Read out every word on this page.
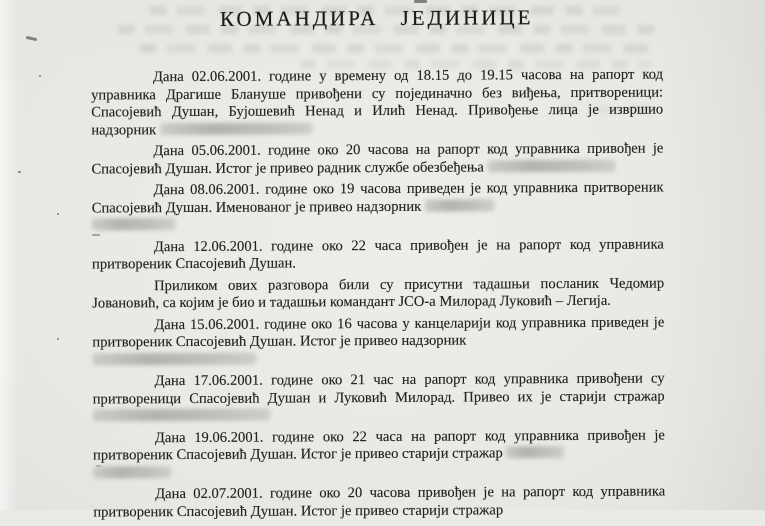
КОМАНДИРА ЈЕДИНИЦЕ

Дана 02.06.2001. године у времену од 18.15 до 19.15 часова на рапорт код управника Драгише Блануше привођени су појединачно без виђења, притвореници: Спасојевић Душан, Бујошевић Ненад и Илић Ненад. Привођење лица је извршио надзорник

Дана 05.06.2001. године око 20 часова на рапорт код управника привођен је Спасојевић Душан. Истог је привео радник службе обезбеђења

Дана 08.06.2001. године око 19 часова приведен је код управника притвореник Спасојевић Душан. Именованог је привео надзорник

Дана 12.06.2001. године око 22 часа привођен је на рапорт код управника притвореник Спасојевић Душан.

Приликом ових разговора били су присутни тадашњи посланик Чедомир Јовановић, са којим је био и тадашњи командант ЈСО-а Милорад Луковић – Легија.

Дана 15.06.2001. године око 16 часова у канцеларији код управника приведен је притвореник Спасојевић Душан. Истог је привео надзорник

Дана 17.06.2001. године око 21 час на рапорт код управника привођени су притвореници Спасојевић Душан и Луковић Милорад. Привео их је старији стражар

Дана 19.06.2001. године око 22 часа на рапорт код управника привођен је притвореник Спасојевић Душан. Истог је привео старији стражар

Дана 02.07.2001. године око 20 часова привођен је на рапорт код управника притвореник Спасојевић Душан. Истог је привео старији стражар
